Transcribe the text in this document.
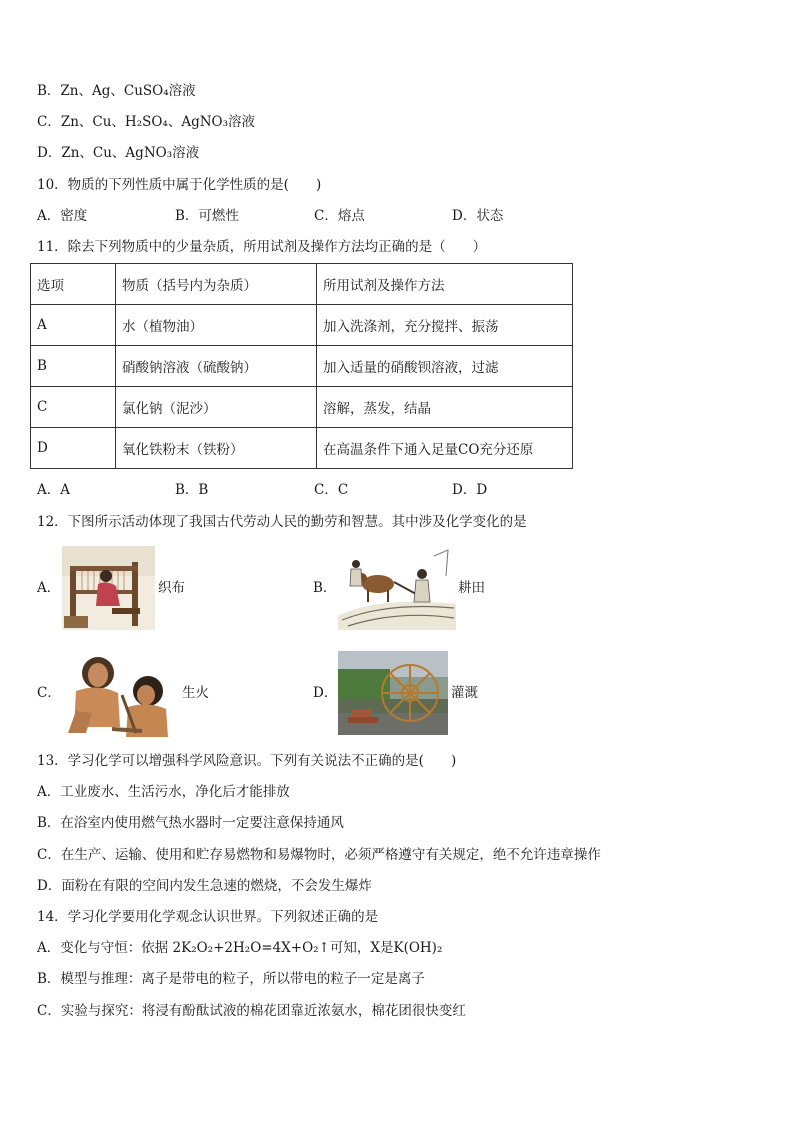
B．Zn、Ag、CuSO₄溶液
C．Zn、Cu、H₂SO₄、AgNO₃溶液
D．Zn、Cu、AgNO₃溶液
10．物质的下列性质中属于化学性质的是(　　)
A．密度	B．可燃性	C．熔点	D．状态
11．除去下列物质中的少量杂质，所用试剂及操作方法均正确的是（　　）
选项	物质（括号内为杂质）	所用试剂及操作方法
A	水（植物油）	加入洗涤剂，充分搅拌、振荡
B	硝酸钠溶液（硫酸钠）	加入适量的硝酸钡溶液，过滤
C	氯化钠（泥沙）	溶解，蒸发，结晶
D	氧化铁粉末（铁粉）	在高温条件下通入足量CO充分还原
A．A	B．B	C．C	D．D
12．下图所示活动体现了我国古代劳动人民的勤劳和智慧。其中涉及化学变化的是
A．	织布	B．	耕田
C．	生火	D．	灌溉
13．学习化学可以增强科学风险意识。下列有关说法不正确的是(　　)
A．工业废水、生活污水，净化后才能排放
B．在浴室内使用燃气热水器时一定要注意保持通风
C．在生产、运输、使用和贮存易燃物和易爆物时，必须严格遵守有关规定，绝不允许违章操作
D．面粉在有限的空间内发生急速的燃烧，不会发生爆炸
14．学习化学要用化学观念认识世界。下列叙述正确的是
A．变化与守恒：依据 2K₂O₂+2H₂O=4X+O₂↑可知，X是K(OH)₂
B．模型与推理：离子是带电的粒子，所以带电的粒子一定是离子
C．实验与探究：将浸有酚酞试液的棉花团靠近浓氨水，棉花团很快变红
